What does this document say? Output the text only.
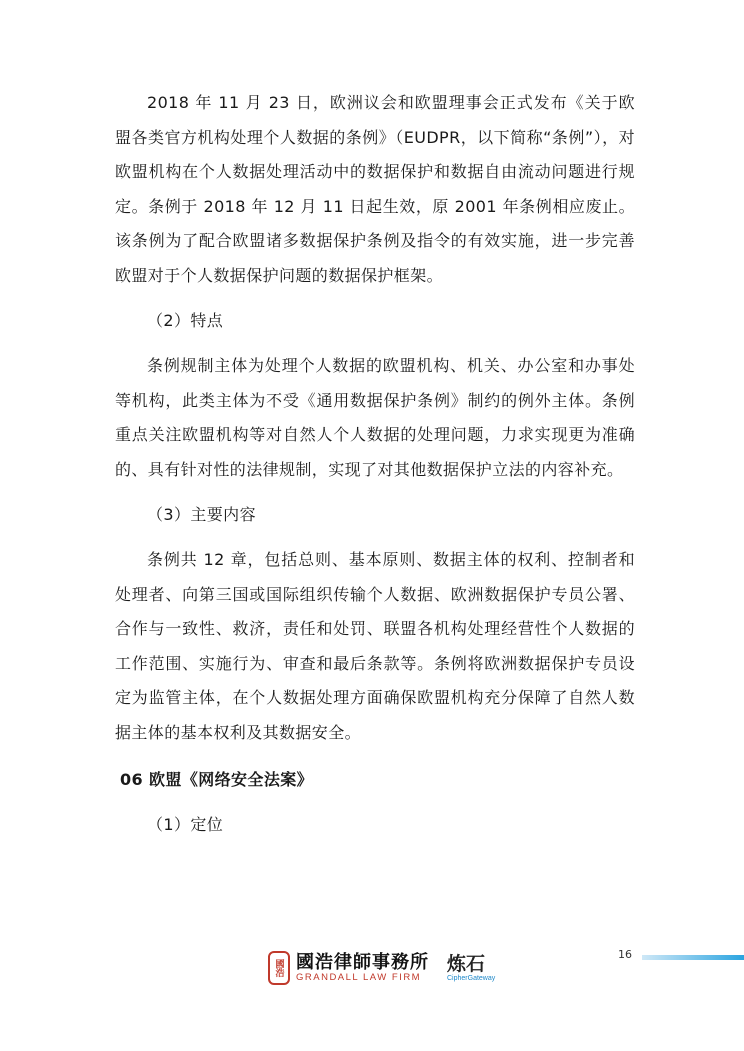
2018 年 11 月 23 日，欧洲议会和欧盟理事会正式发布《关于欧盟各类官方机构处理个人数据的条例》（EUDPR，以下简称“条例”），对欧盟机构在个人数据处理活动中的数据保护和数据自由流动问题进行规定。条例于 2018 年 12 月 11 日起生效，原 2001 年条例相应废止。该条例为了配合欧盟诸多数据保护条例及指令的有效实施，进一步完善欧盟对于个人数据保护问题的数据保护框架。

（2）特点

条例规制主体为处理个人数据的欧盟机构、机关、办公室和办事处等机构，此类主体为不受《通用数据保护条例》制约的例外主体。条例重点关注欧盟机构等对自然人个人数据的处理问题，力求实现更为准确的、具有针对性的法律规制，实现了对其他数据保护立法的内容补充。

（3）主要内容

条例共 12 章，包括总则、基本原则、数据主体的权利、控制者和处理者、向第三国或国际组织传输个人数据、欧洲数据保护专员公署、合作与一致性、救济，责任和处罚、联盟各机构处理经营性个人数据的工作范围、实施行为、审查和最后条款等。条例将欧洲数据保护专员设定为监管主体，在个人数据处理方面确保欧盟机构充分保障了自然人数据主体的基本权利及其数据安全。

06 欧盟《网络安全法案》
（1）定位
國浩 國浩律師事務所
GRANDALL LAW FIRM
炼石
CipherGateway
16
